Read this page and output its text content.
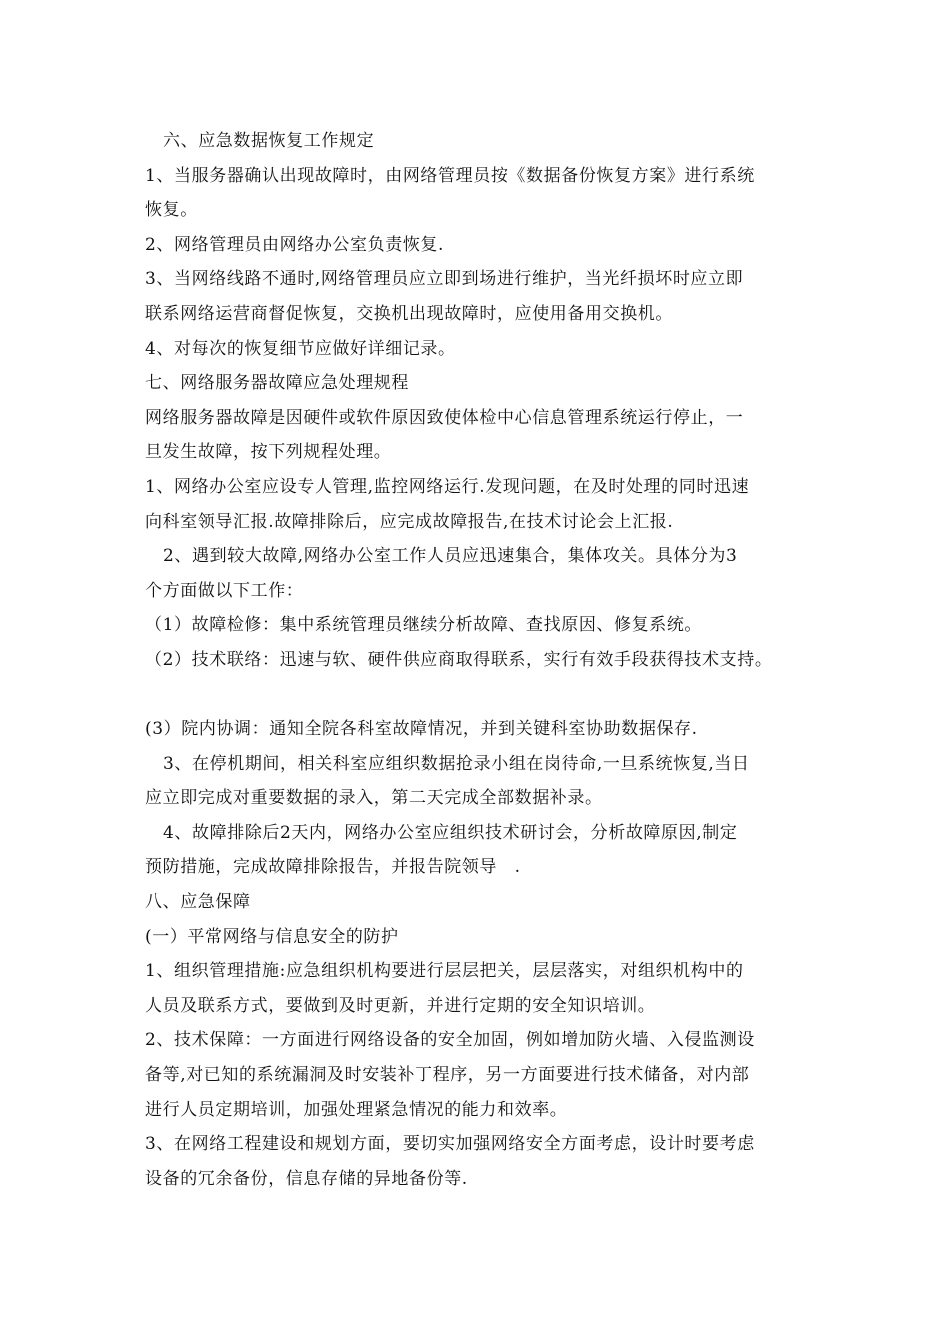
六、应急数据恢复工作规定
1、当服务器确认出现故障时，由网络管理员按《数据备份恢复方案》进行系统
恢复。
2、网络管理员由网络办公室负责恢复.
3、当网络线路不通时,网络管理员应立即到场进行维护，当光纤损坏时应立即
联系网络运营商督促恢复，交换机出现故障时，应使用备用交换机。
4、对每次的恢复细节应做好详细记录。
七、网络服务器故障应急处理规程
网络服务器故障是因硬件或软件原因致使体检中心信息管理系统运行停止，一
旦发生故障，按下列规程处理。
1、网络办公室应设专人管理,监控网络运行.发现问题，在及时处理的同时迅速
向科室领导汇报.故障排除后，应完成故障报告,在技术讨论会上汇报.
2、遇到较大故障,网络办公室工作人员应迅速集合，集体攻关。具体分为3
个方面做以下工作：
（1）故障检修：集中系统管理员继续分析故障、查找原因、修复系统。
（2）技术联络：迅速与软、硬件供应商取得联系，实行有效手段获得技术支持。
(3）院内协调：通知全院各科室故障情况，并到关键科室协助数据保存.
3、在停机期间，相关科室应组织数据抢录小组在岗待命,一旦系统恢复,当日
应立即完成对重要数据的录入，第二天完成全部数据补录。
4、故障排除后2天内，网络办公室应组织技术研讨会，分析故障原因,制定
预防措施，完成故障排除报告，并报告院领导　.
八、应急保障
(一）平常网络与信息安全的防护
1、组织管理措施:应急组织机构要进行层层把关，层层落实，对组织机构中的
人员及联系方式，要做到及时更新，并进行定期的安全知识培训。
2、技术保障：一方面进行网络设备的安全加固，例如增加防火墙、入侵监测设
备等,对已知的系统漏洞及时安装补丁程序，另一方面要进行技术储备，对内部
进行人员定期培训，加强处理紧急情况的能力和效率。
3、在网络工程建设和规划方面，要切实加强网络安全方面考虑，设计时要考虑
设备的冗余备份，信息存储的异地备份等.
